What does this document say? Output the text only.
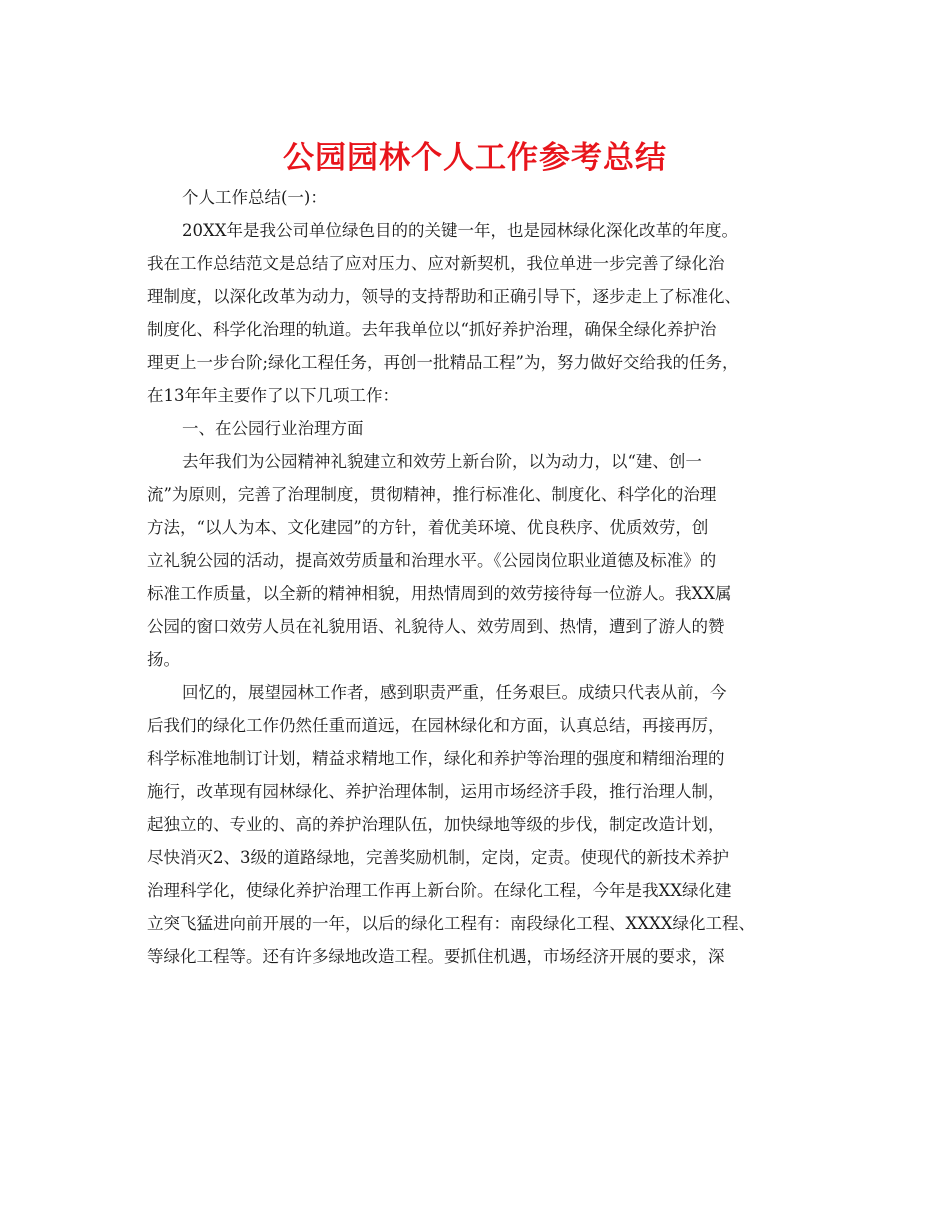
公园园林个人工作参考总结
个人工作总结(一)：
20XX年是我公司单位绿色目的的关键一年，也是园林绿化深化改革的年度。
我在工作总结范文是总结了应对压力、应对新契机，我位单进一步完善了绿化治
理制度，以深化改革为动力，领导的支持帮助和正确引导下，逐步走上了标准化、
制度化、科学化治理的轨道。去年我单位以“抓好养护治理，确保全绿化养护治
理更上一步台阶;绿化工程任务，再创一批精品工程”为，努力做好交给我的任务，
在13年年主要作了以下几项工作：
一、在公园行业治理方面
去年我们为公园精神礼貌建立和效劳上新台阶，以为动力，以“建、创一
流”为原则，完善了治理制度，贯彻精神，推行标准化、制度化、科学化的治理
方法，“以人为本、文化建园”的方针，着优美环境、优良秩序、优质效劳，创
立礼貌公园的活动，提高效劳质量和治理水平。《公园岗位职业道德及标准》的
标准工作质量，以全新的精神相貌，用热情周到的效劳接待每一位游人。我XX属
公园的窗口效劳人员在礼貌用语、礼貌待人、效劳周到、热情，遭到了游人的赞
扬。
回忆的，展望园林工作者，感到职责严重，任务艰巨。成绩只代表从前，今
后我们的绿化工作仍然任重而道远，在园林绿化和方面，认真总结，再接再厉，
科学标准地制订计划，精益求精地工作，绿化和养护等治理的强度和精细治理的
施行，改革现有园林绿化、养护治理体制，运用市场经济手段，推行治理人制，
起独立的、专业的、高的养护治理队伍，加快绿地等级的步伐，制定改造计划，
尽快消灭2、3级的道路绿地，完善奖励机制，定岗，定责。使现代的新技术养护
治理科学化，使绿化养护治理工作再上新台阶。在绿化工程，今年是我XX绿化建
立突飞猛进向前开展的一年，以后的绿化工程有：南段绿化工程、XXXX绿化工程、
等绿化工程等。还有许多绿地改造工程。要抓住机遇，市场经济开展的要求，深
